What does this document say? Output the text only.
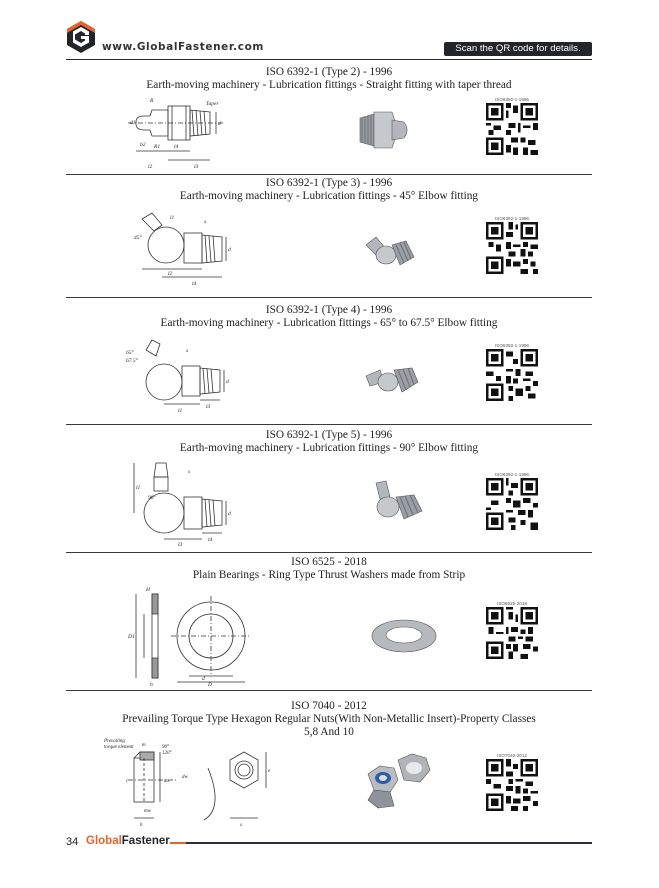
www.GlobalFastener.com	Scan the QR code for details.
ISO 6392-1 (Type 2) - 1996
Earth-moving machinery - Lubrication fittings - Straight fitting with taper thread
R
d1	d
Taper
b2 R1	l4
l2	l3
ISO6392-1-1996
ISO 6392-1 (Type 3) - 1996
Earth-moving machinery - Lubrication fittings - 45° Elbow fitting
45°
l1
s
d
l2
l4
ISO6392-1-1996
ISO 6392-1 (Type 4) - 1996
Earth-moving machinery - Lubrication fittings - 65° to 67.5° Elbow fitting
65°
67.5°
s
d
l1
l3
ISO6392-1-1996
ISO 6392-1 (Type 5) - 1996
Earth-moving machinery - Lubrication fittings - 90° Elbow fitting
l1
90°
s
d
l3
l4
ISO6392-1-1996
ISO 6525 - 2018
Plain Bearings - Ring Type Thrust Washers made from Strip
H
D1
d
D
h
ISO6525-2018
ISO 7040 - 2012
Prevailing Torque Type Hexagon Regular Nuts(With Non-Metallic Insert)-Property Classes
5,8 And 10
Prevailing
torque element m	90°
120°
da
dw
c
h	s
e
mw
ISO7040-2012
34 GlobalFastener
